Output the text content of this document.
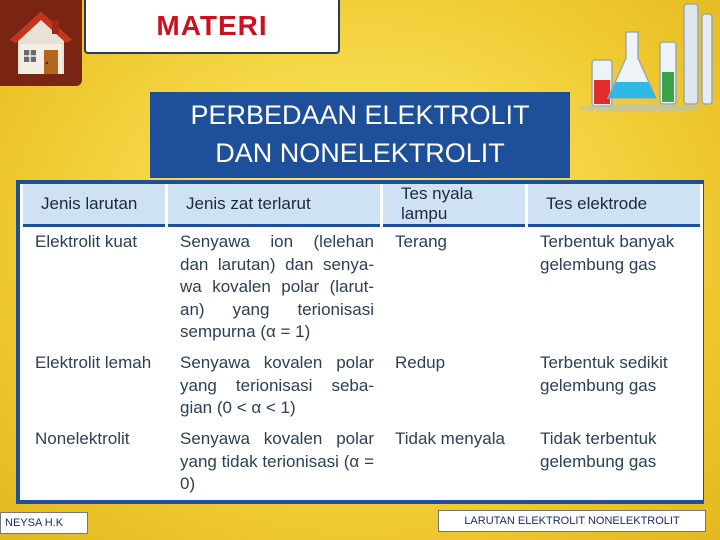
MATERI
PERBEDAAN ELEKTROLIT
DAN NONELEKTROLIT
Jenis larutan	Jenis zat terlarut	Tes nyala lampu	Tes elektrode
Elektrolit kuat	Senyawa ion (lelehan dan larutan) dan senya-wa kovalen polar (larut-an) yang terionisasi sempurna (α = 1)	Terang	Terbentuk banyak gelembung gas
Elektrolit lemah	Senyawa kovalen polar yang terionisasi seba-gian (0 < α < 1)	Redup	Terbentuk sedikit gelembung gas
Nonelektrolit	Senyawa kovalen polar yang tidak terionisasi (α = 0)	Tidak menyala	Tidak terbentuk gelembung gas
NEYSA H.K	LARUTAN ELEKTROLIT NONELEKTROLIT
